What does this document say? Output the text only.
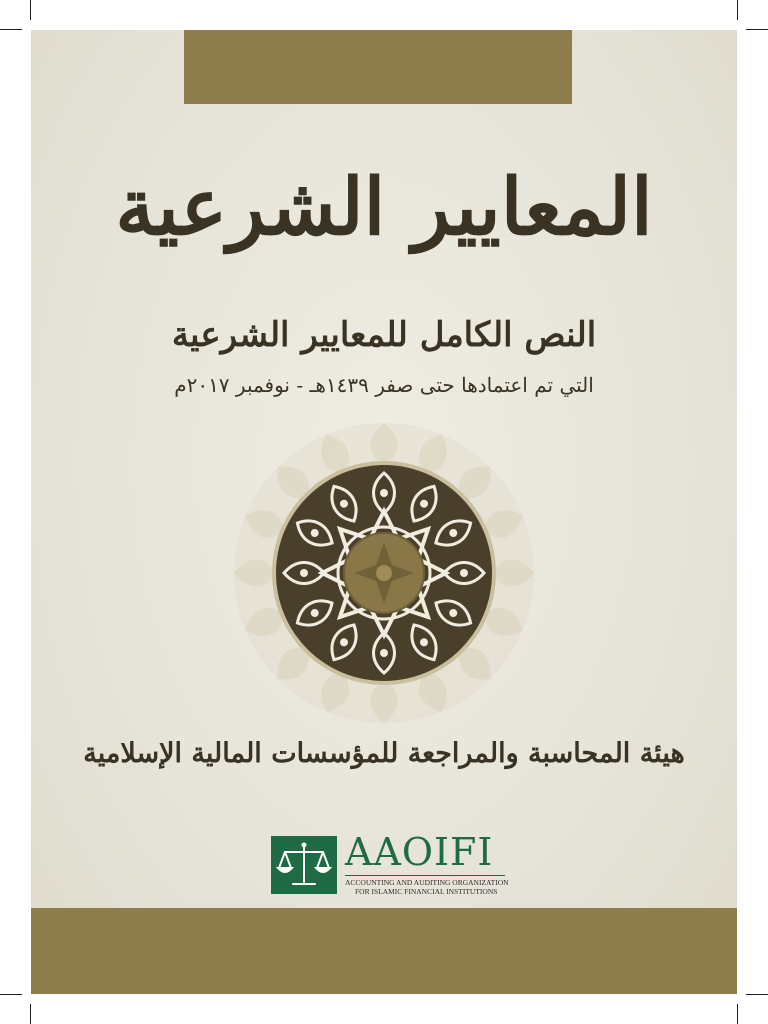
المعايير الشرعية
النص الكامل للمعايير الشرعية
التي تم اعتمادها حتى صفر ١٤٣٩هـ - نوفمبر ٢٠١٧م
هيئة المحاسبة والمراجعة للمؤسسات المالية الإسلامية
AAOIFI
ACCOUNTING AND AUDITING ORGANIZATION
FOR ISLAMIC FINANCIAL INSTITUTIONS
